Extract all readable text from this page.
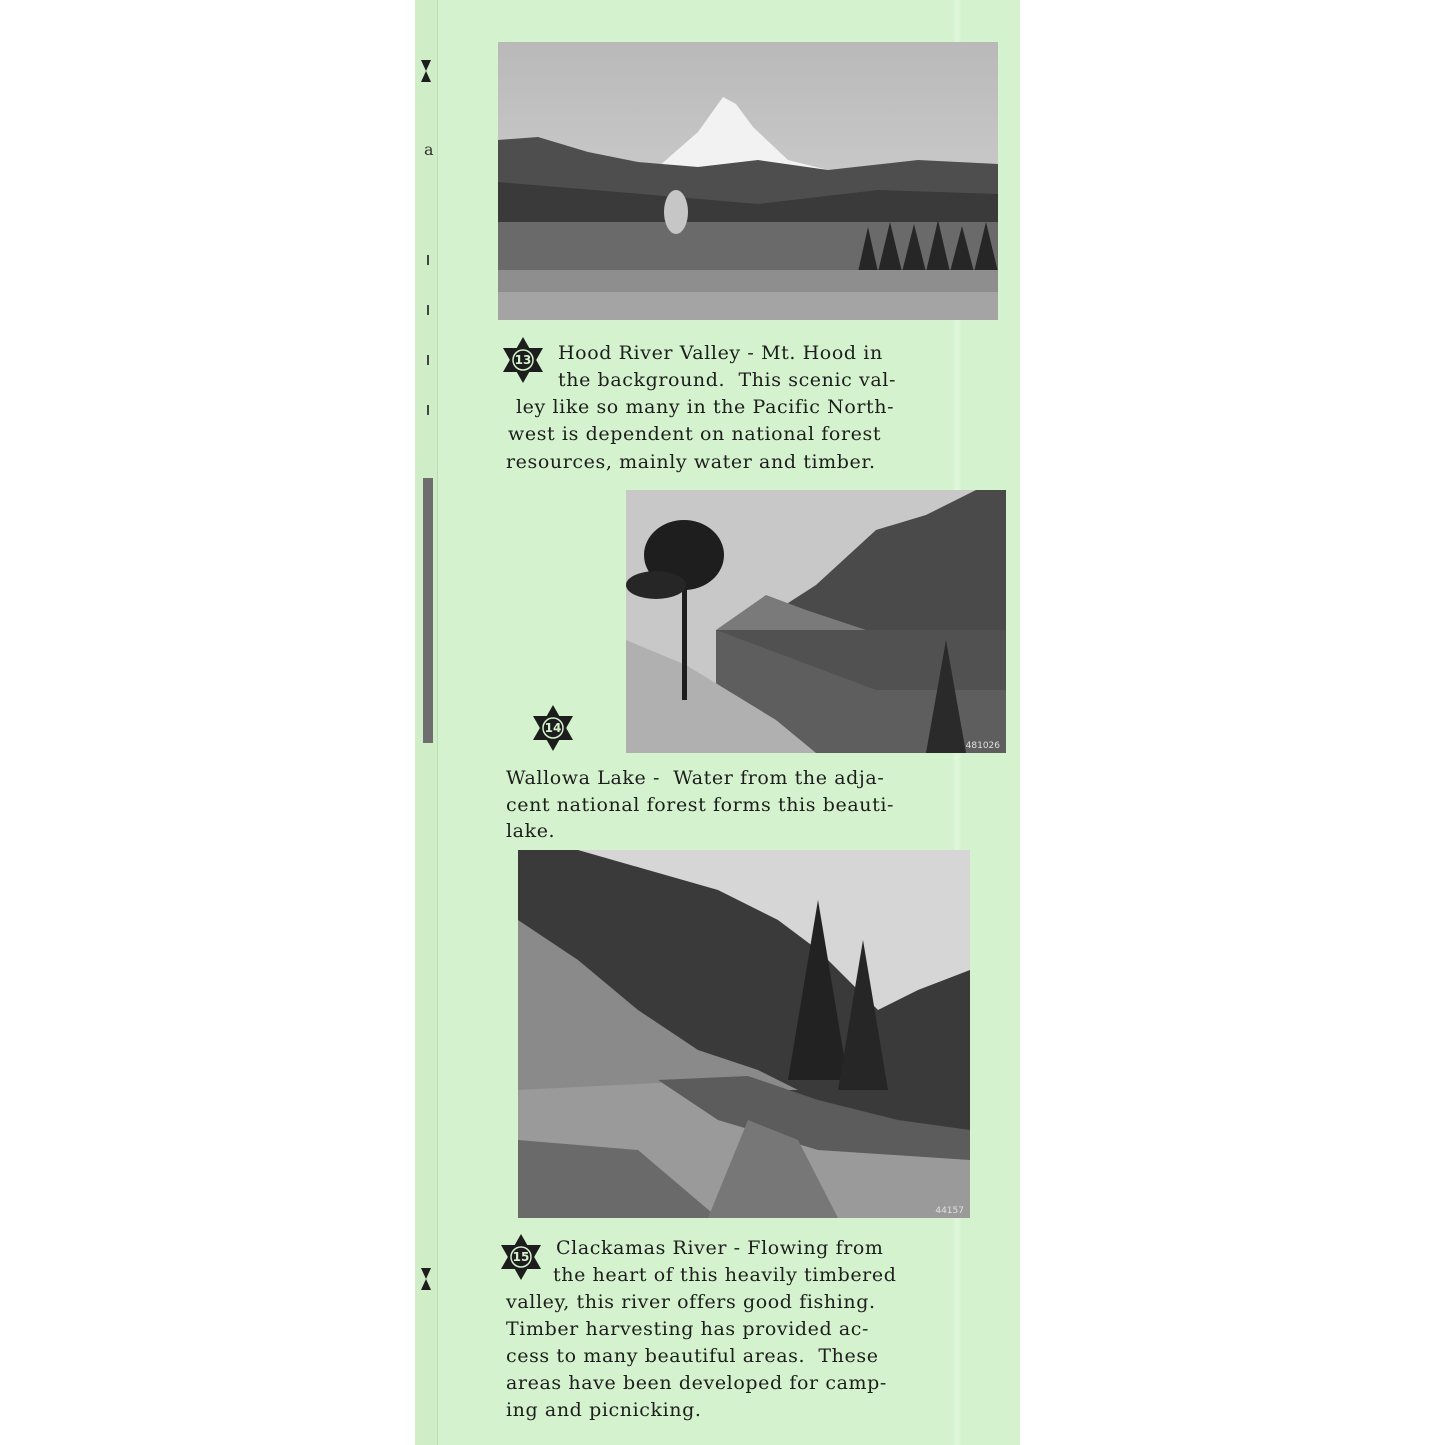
a
13	Hood River Valley - Mt. Hood in
the background.  This scenic val-
ley like so many in the Pacific North-
west is dependent on national forest
resources, mainly water and timber.
481026
14
Wallowa Lake -  Water from the adja-
cent national forest forms this beauti-
lake.
44157
15	Clackamas River - Flowing from
the heart of this heavily timbered
valley, this river offers good fishing.
Timber harvesting has provided ac-
cess to many beautiful areas.  These
areas have been developed for camp-
ing and picnicking.
